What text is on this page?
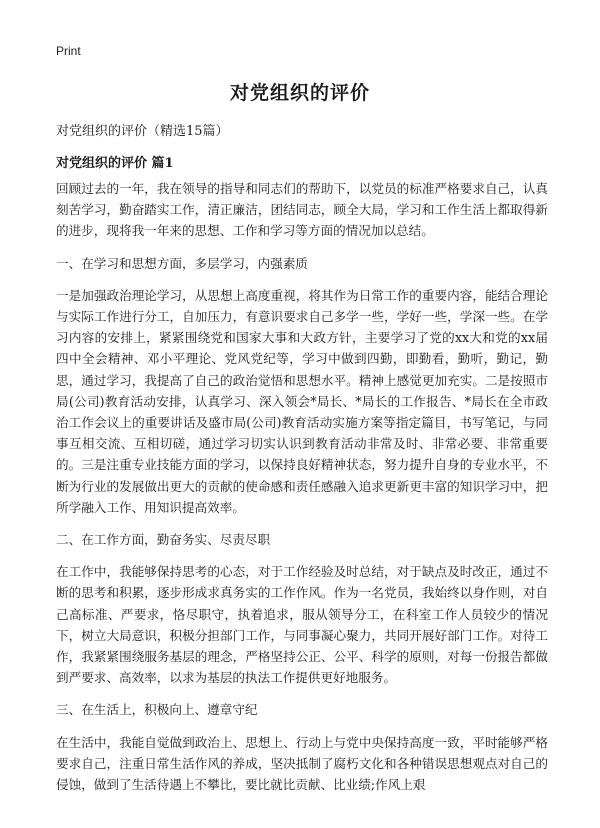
Print
对党组织的评价
对党组织的评价（精选15篇）
对党组织的评价 篇1

回顾过去的一年，我在领导的指导和同志们的帮助下，以党员的标准严格要求自己，认真刻苦学习，勤奋踏实工作，清正廉洁，团结同志，顾全大局，学习和工作生活上都取得新的进步，现将我一年来的思想、工作和学习等方面的情况加以总结。

一、在学习和思想方面，多层学习，内强素质

一是加强政治理论学习，从思想上高度重视，将其作为日常工作的重要内容，能结合理论与实际工作进行分工，自加压力，有意识要求自己多学一些，学好一些，学深一些。在学习内容的安排上，紧紧围绕党和国家大事和大政方针，主要学习了党的xx大和党的xx届四中全会精神、邓小平理论、党风党纪等，学习中做到四勤，即勤看，勤听，勤记，勤思，通过学习，我提高了自己的政治觉悟和思想水平。精神上感觉更加充实。二是按照市局(公司)教育活动安排，认真学习、深入领会*局长、*局长的工作报告、*局长在全市政治工作会议上的重要讲话及盛市局(公司)教育活动实施方案等指定篇目，书写笔记，与同事互相交流、互相切磋，通过学习切实认识到教育活动非常及时、非常必要、非常重要的。三是注重专业技能方面的学习，以保持良好精神状态，努力提升自身的专业水平，不断为行业的发展做出更大的贡献的使命感和责任感融入追求更新更丰富的知识学习中，把所学融入工作、用知识提高效率。

二、在工作方面，勤奋务实、尽责尽职

在工作中，我能够保持思考的心态，对于工作经验及时总结，对于缺点及时改正，通过不断的思考和积累，逐步形成求真务实的工作作风。作为一名党员，我始终以身作则，对自己高标准、严要求，恪尽职守，执着追求，服从领导分工，在科室工作人员较少的情况下，树立大局意识，积极分担部门工作，与同事凝心聚力，共同开展好部门工作。对待工作，我紧紧围绕服务基层的理念，严格坚持公正、公平、科学的原则，对每一份报告都做到严要求、高效率，以求为基层的执法工作提供更好地服务。

三、在生活上，积极向上、遵章守纪

在生活中，我能自觉做到政治上、思想上、行动上与党中央保持高度一致，平时能够严格要求自己，注重日常生活作风的养成，坚决抵制了腐朽文化和各种错误思想观点对自己的侵蚀，做到了生活待遇上不攀比，要比就比贡献、比业绩;作风上艰
